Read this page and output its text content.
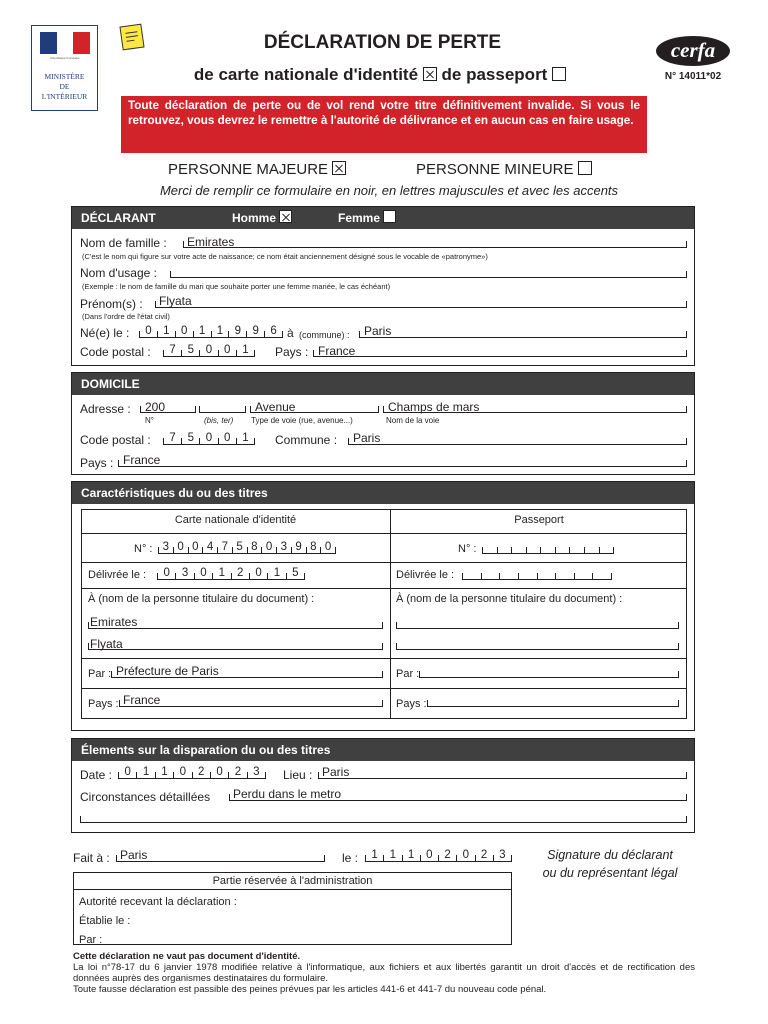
République Française
MINISTÈRE
DE
L'INTÉRIEUR
DÉCLARATION DE PERTE
de carte nationale d'identité de passeport
cerfa
N° 14011*02
Toute déclaration de perte ou de vol rend votre titre définitivement invalide. Si vous le retrouvez, vous devrez le remettre à l'autorité de délivrance et en aucun cas en faire usage.
PERSONNE MAJEURE	PERSONNE MINEURE
Merci de remplir ce formulaire en noir, en lettres majuscules et avec les accents
DÉCLARANT	Homme	Femme
Nom de famille : Emirates
(C'est le nom qui figure sur votre acte de naissance; ce nom était anciennement désigné sous le vocable de «patronyme»)
Nom d'usage :
(Exemple : le nom de famille du mari que souhaite porter une femme mariée, le cas échéant)
Prénom(s) : Flyata
(Dans l'ordre de l'état civil)
Né(e) le :	0 1 0 1 1 9 9 6 à (commune) : Paris
Code postal :	7	5	0	0	1	Pays : France
DOMICILE
Adresse : 200	Avenue	Champs de mars
N°	(bis, ter) Type de voie (rue, avenue...)	Nom de la voie
Code postal :	7	5	0	0	1	Commune : Paris
Pays : France
Caractéristiques du ou des titres
Carte nationale d'identité	Passeport
N° : 3 0 0 4 7 5 8 0 3 9 8 0	N° :
Délivrée le :	0	3	0	1	2	0	1	5	Délivrée le :
À (nom de la personne titulaire du document) :	À (nom de la personne titulaire du document) :
Emirates
Flyata
Par : Préfecture de Paris	Par :
Pays : France	Pays :
Élements sur la disparation du ou des titres
Date :	0	1	1	0	2	0	2	3	Lieu : Paris
Circonstances détaillées Perdu dans le metro
Fait à : Paris	le :	1	1	1	0	2	0	2	3	Signature du déclarant
ou du représentant légal
Partie réservée à l'administration
Autorité recevant la déclaration :
Établie le :
Par :
Cette déclaration ne vaut pas document d'identité.
La loi n°78-17 du 6 janvier 1978 modifiée relative à l'informatique, aux fichiers et aux libertés garantit un droit d'accès et de rectification des données auprès des organismes destinataires du formulaire.
Toute fausse déclaration est passible des peines prévues par les articles 441-6 et 441-7 du nouveau code pénal.
